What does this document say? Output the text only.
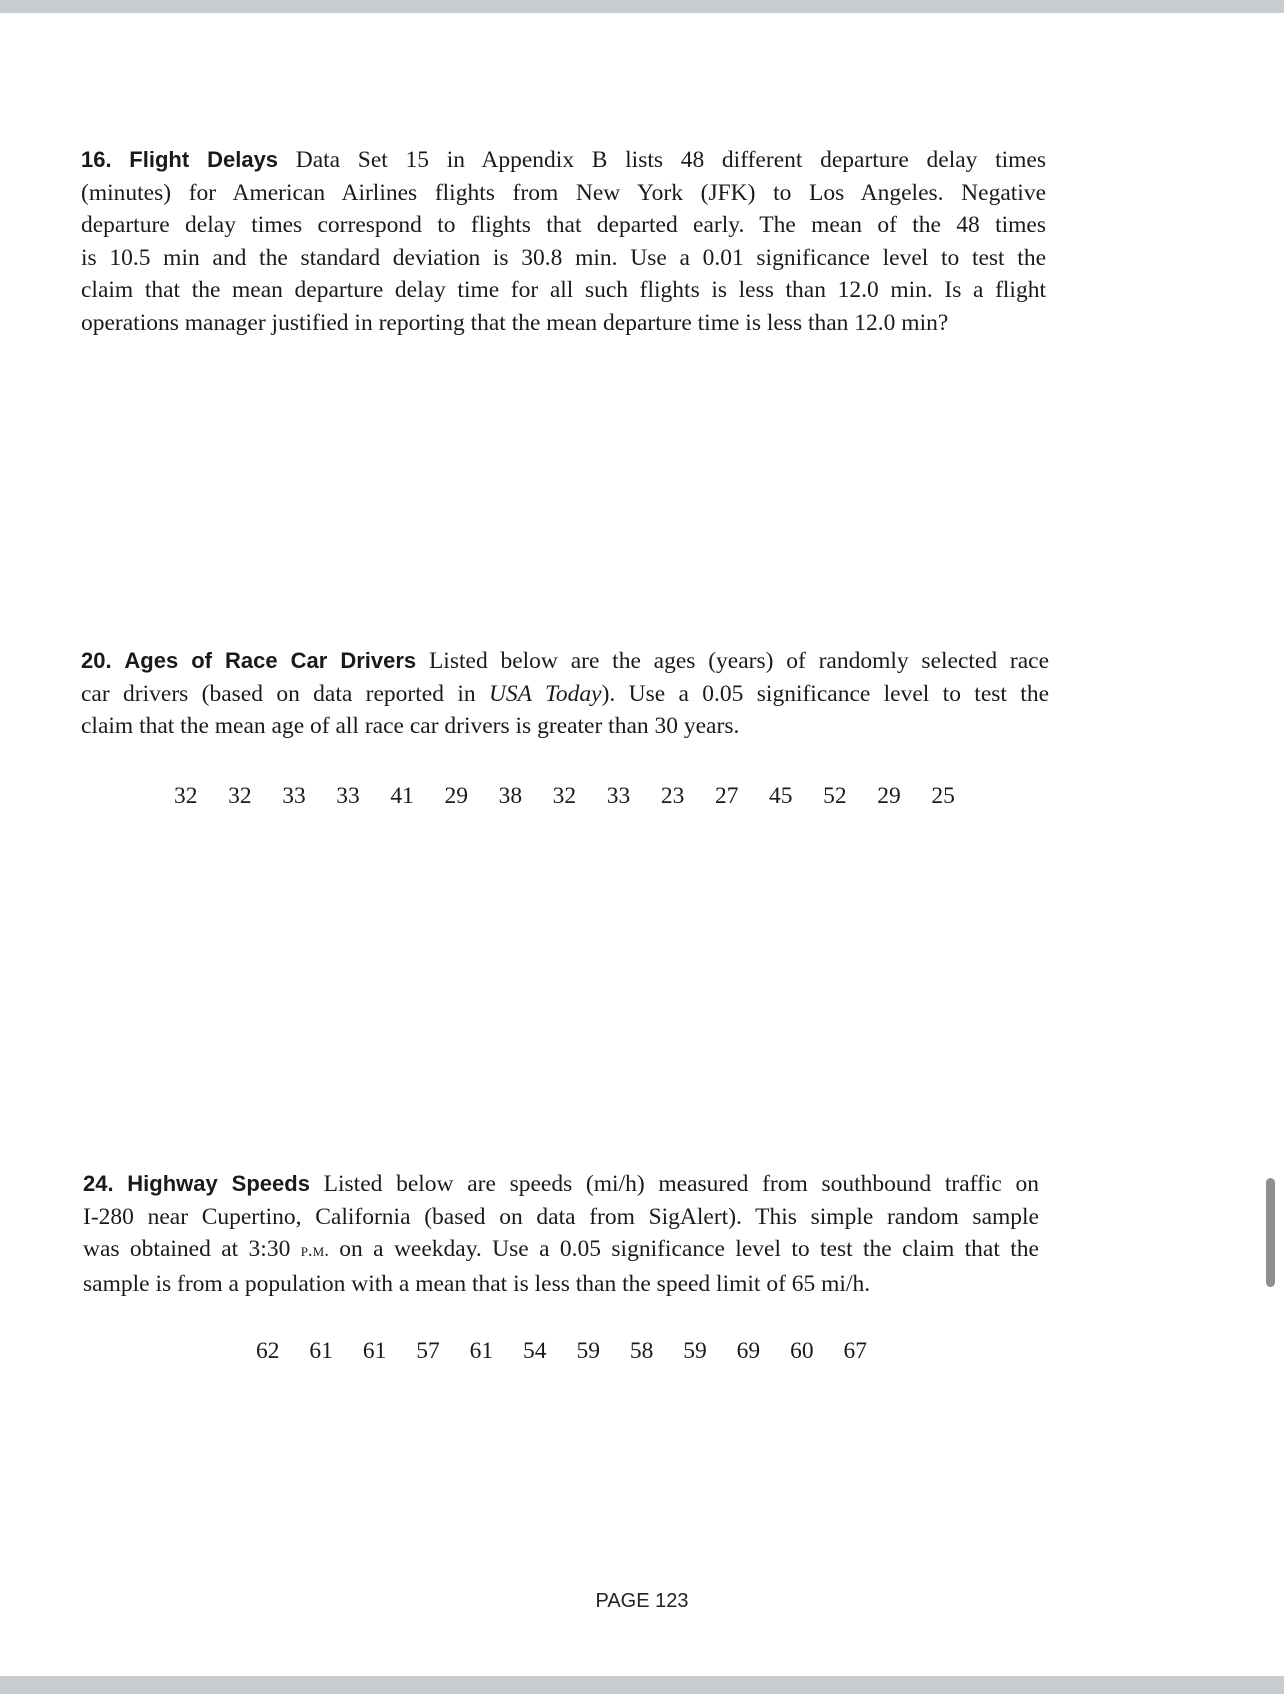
16. Flight Delays Data Set 15 in Appendix B lists 48 different departure delay times
(minutes) for American Airlines flights from New York (JFK) to Los Angeles. Negative
departure delay times correspond to flights that departed early. The mean of the 48 times
is 10.5 min and the standard deviation is 30.8 min. Use a 0.01 significance level to test the
claim that the mean departure delay time for all such flights is less than 12.0 min. Is a flight
operations manager justified in reporting that the mean departure time is less than 12.0 min?

20. Ages of Race Car Drivers Listed below are the ages (years) of randomly selected race
car drivers (based on data reported in USA Today). Use a 0.05 significance level to test the
claim that the mean age of all race car drivers is greater than 30 years.

32 32 33 33 41 29 38 32 33 23 27 45 52 29 25

24. Highway Speeds Listed below are speeds (mi/h) measured from southbound traffic on
I-280 near Cupertino, California (based on data from SigAlert). This simple random sample
was obtained at 3:30 p.m. on a weekday. Use a 0.05 significance level to test the claim that the
sample is from a population with a mean that is less than the speed limit of 65 mi/h.

62 61 61 57 61 54 59 58 59 69 60 67
PAGE 123
